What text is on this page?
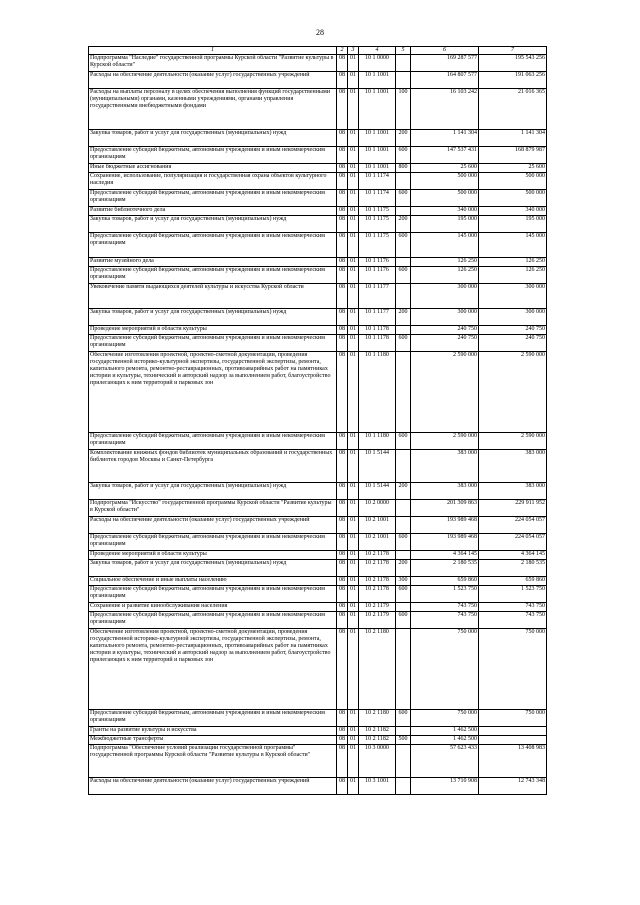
28
1	2	3	4	5	6	7
Подпрограмма "Наследие" государственной программы Курской области "Развитие культуры в Курской области"	08	01	10 1 0000		169 287 577	195 543 256
Расходы на обеспечение деятельности (оказание услуг) государственных учреждений	08	01	10 1 1001		164 807 577	191 063 256
Расходы на выплаты персоналу в целях обеспечения выполнения функций государственными (муниципальными) органами, казенными учреждениями, органами управления государственными внебюджетными фондами	08	01	10 1 1001	100	16 103 242	21 016 365
Закупка товаров, работ и услуг для государственных (муниципальных) нужд	08	01	10 1 1001	200	1 141 304	1 141 304
Предоставление субсидий бюджетным, автономным учреждениям и иным некоммерческим организациям	08	01	10 1 1001	600	147 537 431	168 879 987
Иные бюджетные ассигнования	08	01	10 1 1001	800	25 600	25 600
Сохранение, использование, популяризация и государственная охрана объектов культурного наследия	08	01	10 1 1174		500 000	500 000
Предоставление субсидий бюджетным, автономным учреждениям и иным некоммерческим организациям	08	01	10 1 1174	600	500 000	500 000
Развитие библиотечного дела	08	01	10 1 1175		340 000	340 000
Закупка товаров, работ и услуг для государственных (муниципальных) нужд	08	01	10 1 1175	200	195 000	195 000
Предоставление субсидий бюджетным, автономным учреждениям и иным некоммерческим организациям	08	01	10 1 1175	600	145 000	145 000
Развитие музейного дела	08	01	10 1 1176		126 250	126 250
Предоставление субсидий бюджетным, автономным учреждениям и иным некоммерческим организациям	08	01	10 1 1176	600	126 250	126 250
Увековечение памяти выдающихся деятелей культуры и искусства Курской области	08	01	10 1 1177		300 000	300 000
Закупка товаров, работ и услуг для государственных (муниципальных) нужд	08	01	10 1 1177	200	300 000	300 000
Проведение мероприятий в области культуры	08	01	10 1 1178		240 750	240 750
Предоставление субсидий бюджетным, автономным учреждениям и иным некоммерческим организациям	08	01	10 1 1178	600	240 750	240 750
Обеспечение изготовления проектной, проектно-сметной документации, проведения государственной историко-культурной экспертизы, государственной экспертизы, ремонта, капитального ремонта, ремонтно-реставрационных, противоаварийных работ на памятниках истории и культуры, технический и авторский надзор за выполнением работ, благоустройство прилегающих к ним территорий и парковых зон	08	01	10 1 1180		2 590 000	2 590 000
Предоставление субсидий бюджетным, автономным учреждениям и иным некоммерческим организациям	08	01	10 1 1180	600	2 590 000	2 590 000
Комплектование книжных фондов библиотек муниципальных образований и государственных библиотек городов Москвы и Санкт-Петербурга	08	01	10 1 5144		383 000	383 000
Закупка товаров, работ и услуг для государственных (муниципальных) нужд	08	01	10 1 5144	200	383 000	383 000
Подпрограмма "Искусство" государственной программы Курской области "Развитие культуры в Курской области"	08	01	10 2 0000		201 309 863	229 911 952
Расходы на обеспечение деятельности (оказание услуг) государственных учреждений	08	01	10 2 1001		193 989 468	224 054 057
Предоставление субсидий бюджетным, автономным учреждениям и иным некоммерческим организациям	08	01	10 2 1001	600	193 989 468	224 054 057
Проведение мероприятий в области культуры	08	01	10 2 1178		4 364 145	4 364 145
Закупка товаров, работ и услуг для государственных (муниципальных) нужд	08	01	10 2 1178	200	2 180 535	2 180 535
Социальное обеспечение и иные выплаты населению	08	01	10 2 1178	300	659 860	659 860
Предоставление субсидий бюджетным, автономным учреждениям и иным некоммерческим организациям	08	01	10 2 1178	600	1 523 750	1 523 750
Сохранение и развитие кинообслуживания населения	08	01	10 2 1179		743 750	743 750
Предоставление субсидий бюджетным, автономным учреждениям и иным некоммерческим организациям	08	01	10 2 1179	600	743 750	743 750
Обеспечение изготовления проектной, проектно-сметной документации, проведения государственной историко-культурной экспертизы, государственной экспертизы, ремонта, капитального ремонта, ремонтно-реставрационных, противоаварийных работ на памятниках истории и культуры, технический и авторский надзор за выполнением работ, благоустройство прилегающих к ним территорий и парковых зон	08	01	10 2 1180		750 000	750 000
Предоставление субсидий бюджетным, автономным учреждениям и иным некоммерческим организациям	08	01	10 2 1180	600	750 000	750 000
Гранты на развитие культуры и искусства	08	01	10 2 1182		1 462 500	
Межбюджетные трансферты	08	01	10 2 1182	500	1 462 500	
Подпрограмма "Обеспечение условий реализации государственной программы" государственной программы Курской области "Развитие культуры в Курской области"	08	01	10 3 0000		57 623 433	13 408 983
Расходы на обеспечение деятельности (оказание услуг) государственных учреждений	08	01	10 3 1001		13 710 908	12 743 348
